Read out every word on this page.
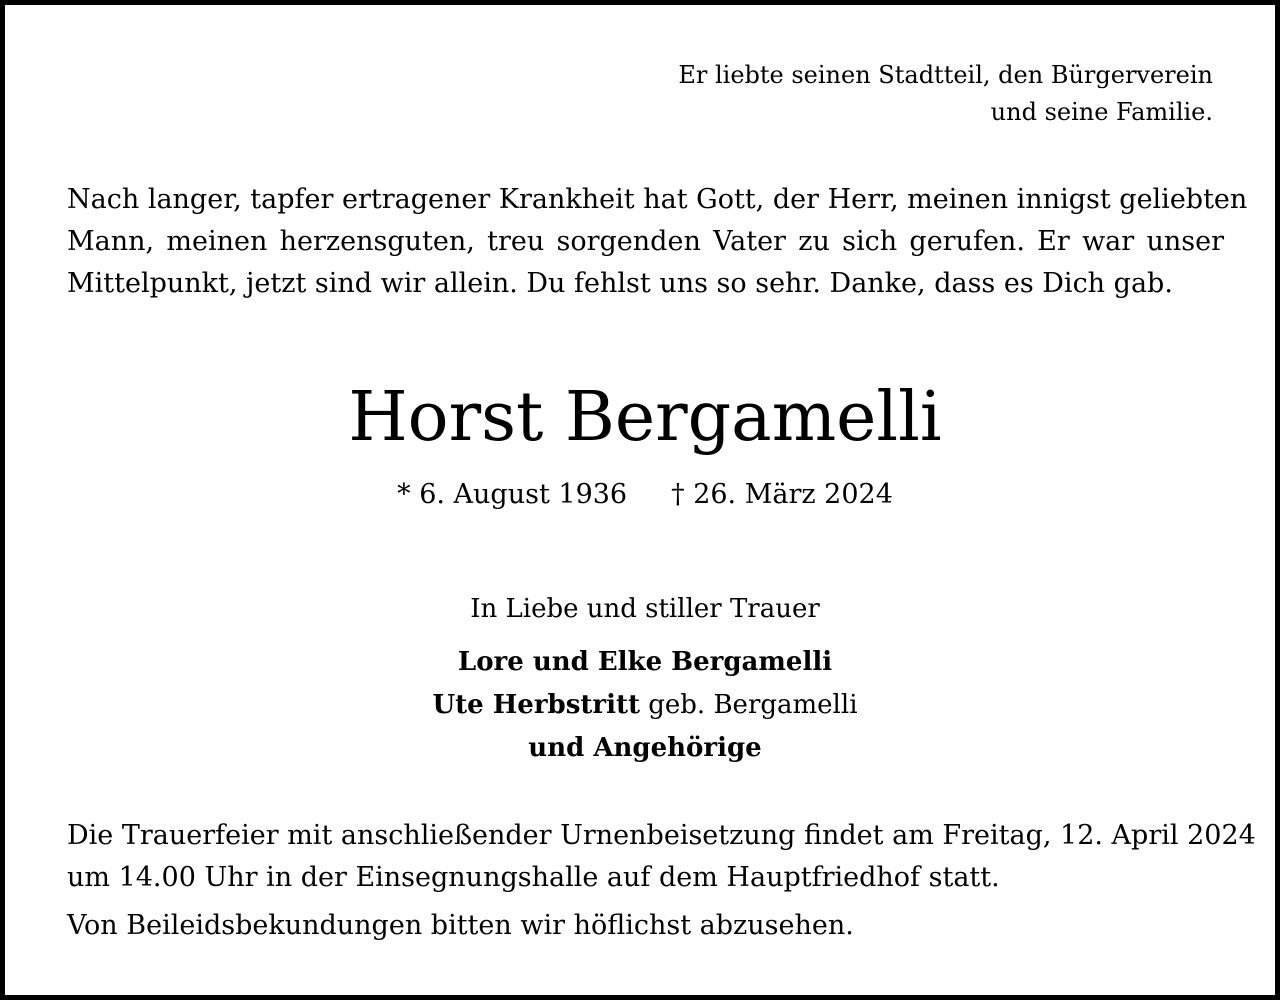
Er liebte seinen Stadtteil, den Bürgerverein
und seine Familie.
Nach langer, tapfer ertragener Krankheit hat Gott, der Herr, meinen innigst geliebten
Mann, meinen herzensguten, treu sorgenden Vater zu sich gerufen. Er war unser
Mittelpunkt, jetzt sind wir allein. Du fehlst uns so sehr. Danke, dass es Dich gab.
Horst Bergamelli
* 6. August 1936 † 26. März 2024
In Liebe und stiller Trauer
Lore und Elke Bergamelli
Ute Herbstritt geb. Bergamelli
und Angehörige
Die Trauerfeier mit anschließender Urnenbeisetzung findet am Freitag, 12. April 2024
um 14.00 Uhr in der Einsegnungshalle auf dem Hauptfriedhof statt.
Von Beileidsbekundungen bitten wir höflichst abzusehen.
